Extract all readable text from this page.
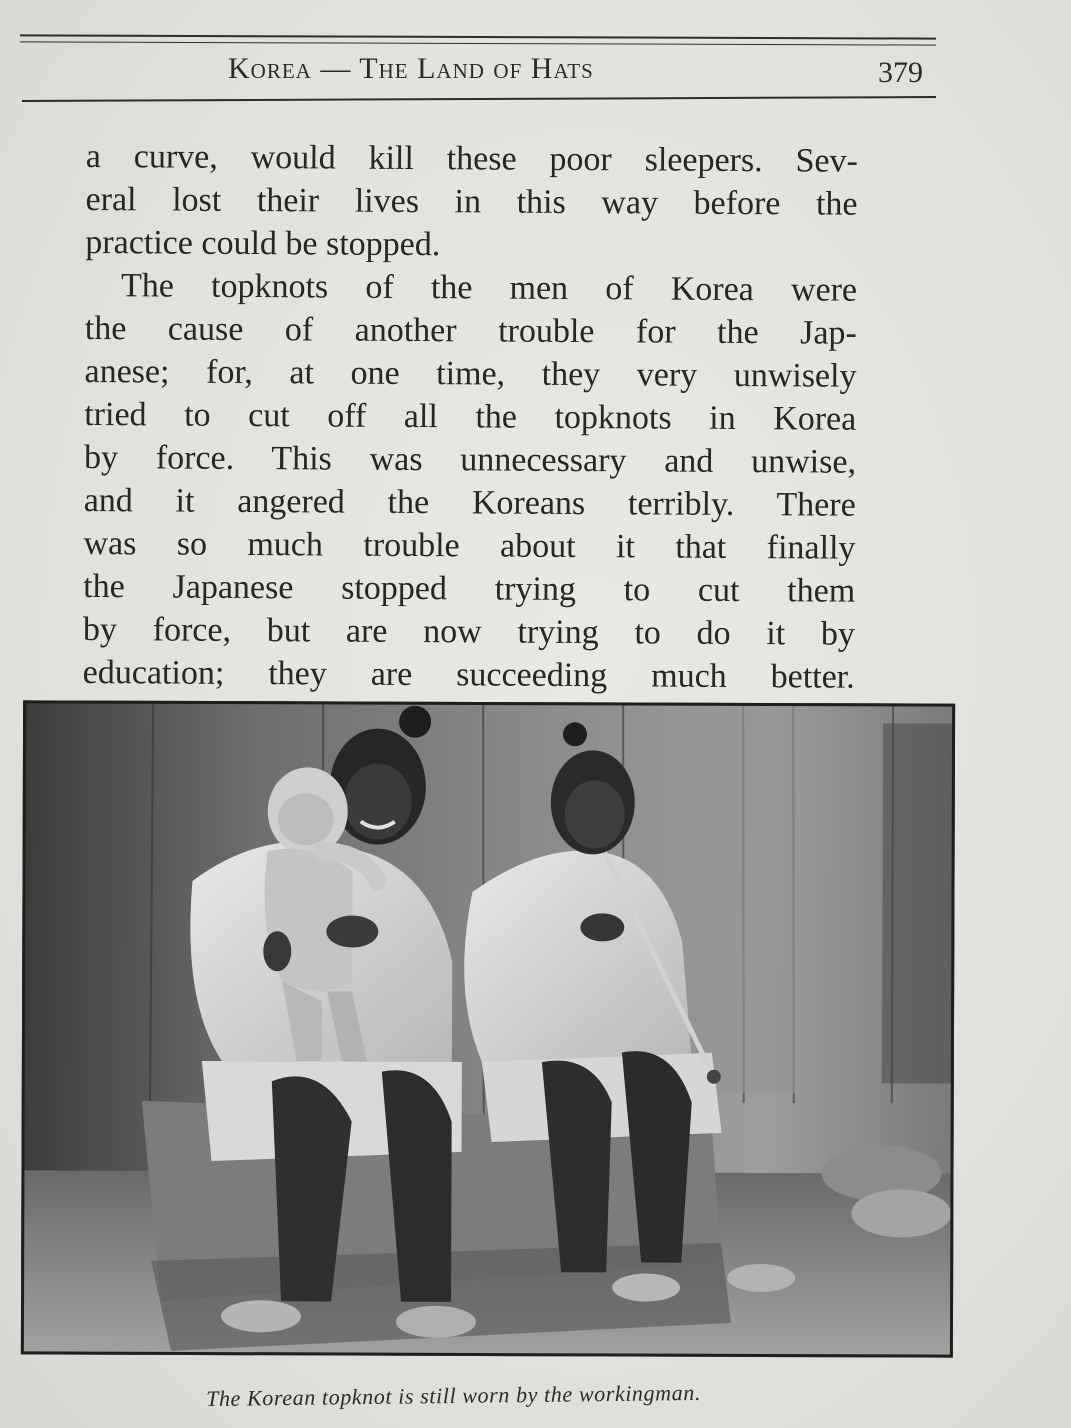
Korea — The Land of Hats	379
a curve, would kill these poor sleepers. Sev-
eral lost their lives in this way before the
practice could be stopped.
The topknots of the men of Korea were
the cause of another trouble for the Jap-
anese; for, at one time, they very unwisely
tried to cut off all the topknots in Korea
by force. This was unnecessary and unwise,
and it angered the Koreans terribly. There
was so much trouble about it that finally
the Japanese stopped trying to cut them
by force, but are now trying to do it by
education; they are succeeding much better.
The Korean topknot is still worn by the workingman.
